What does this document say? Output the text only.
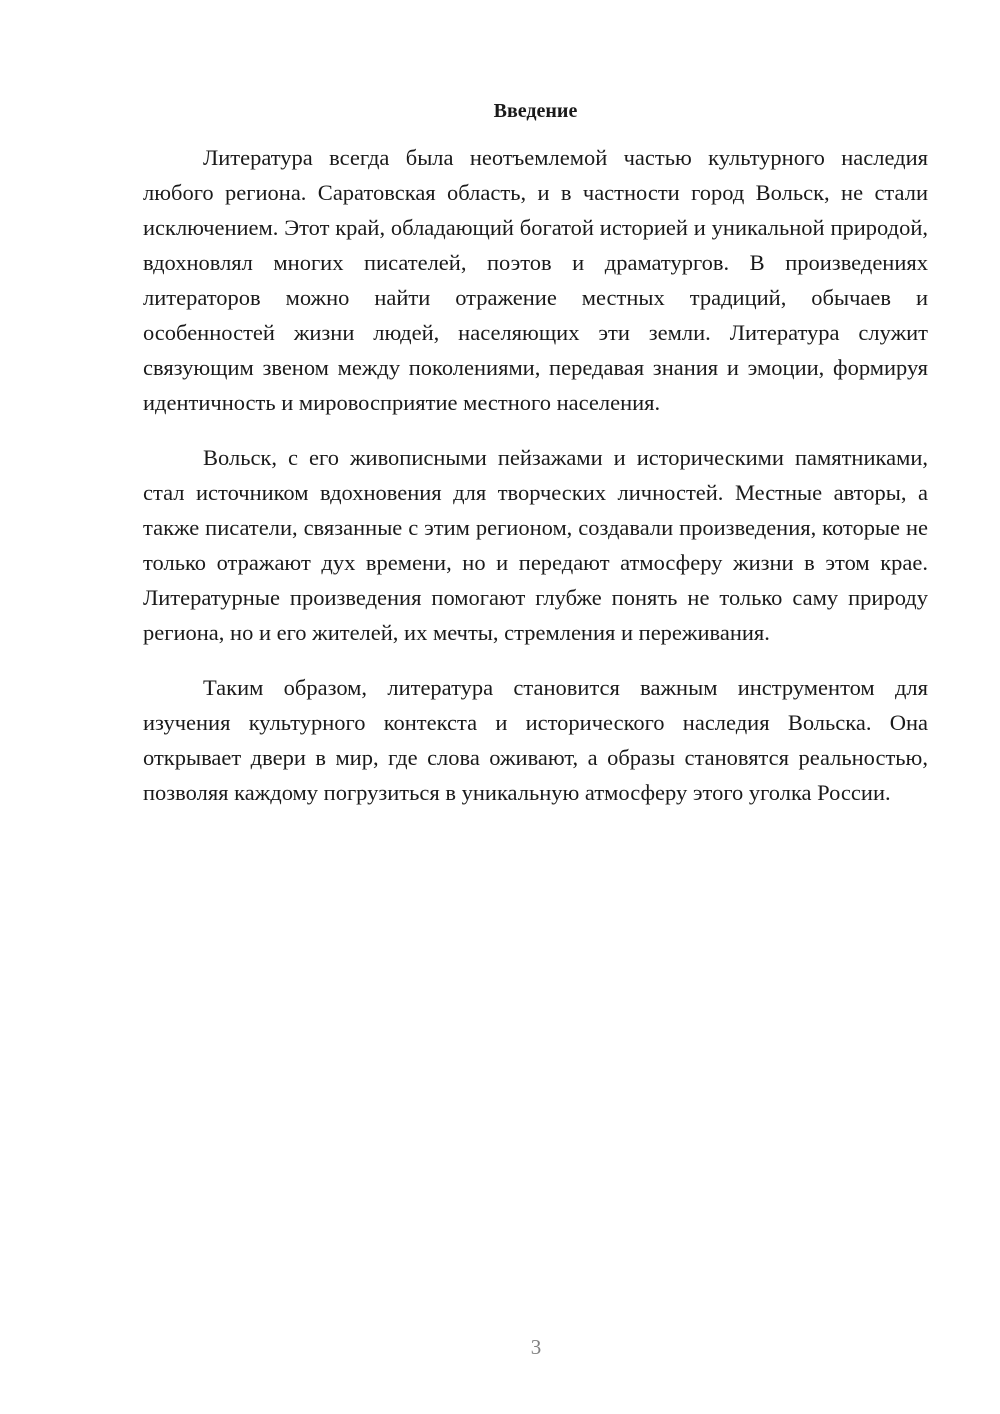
Введение

Литература всегда была неотъемлемой частью культурного наследия любого региона. Саратовская область, и в частности город Вольск, не стали исключением. Этот край, обладающий богатой историей и уникальной природой, вдохновлял многих писателей, поэтов и драматургов. В произведениях литераторов можно найти отражение местных традиций, обычаев и особенностей жизни людей, населяющих эти земли. Литература служит связующим звеном между поколениями, передавая знания и эмоции, формируя идентичность и мировосприятие местного населения.

Вольск, с его живописными пейзажами и историческими памятниками, стал источником вдохновения для творческих личностей. Местные авторы, а также писатели, связанные с этим регионом, создавали произведения, которые не только отражают дух времени, но и передают атмосферу жизни в этом крае. Литературные произведения помогают глубже понять не только саму природу региона, но и его жителей, их мечты, стремления и переживания.

Таким образом, литература становится важным инструментом для изучения культурного контекста и исторического наследия Вольска. Она открывает двери в мир, где слова оживают, а образы становятся реальностью, позволяя каждому погрузиться в уникальную атмосферу этого уголка России.

3
